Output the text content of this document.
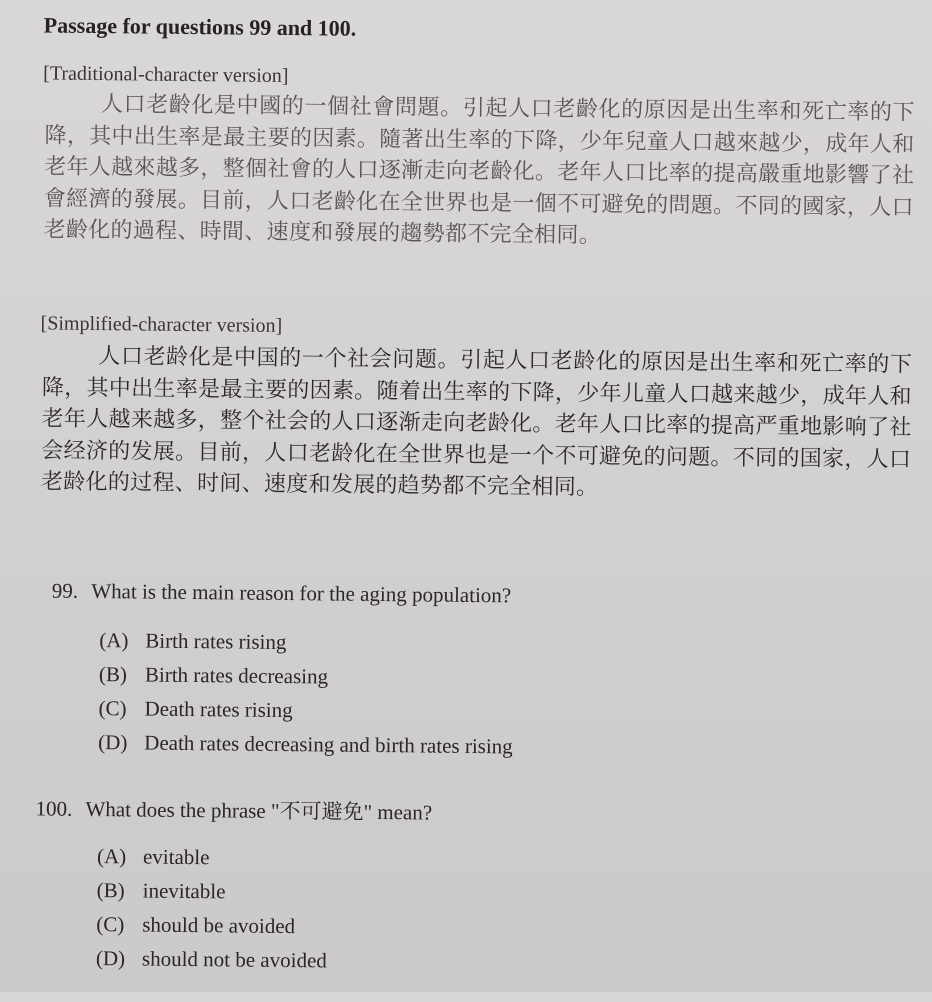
Passage for questions 99 and 100.
[Traditional-character version]

人口老齡化是中國的一個社會問題。引起人口老齡化的原因是出生率和死亡率的下降，其中出生率是最主要的因素。隨著出生率的下降，少年兒童人口越來越少，成年人和老年人越來越多，整個社會的人口逐漸走向老齡化。老年人口比率的提高嚴重地影響了社會經濟的發展。目前，人口老齡化在全世界也是一個不可避免的問題。不同的國家，人口老齡化的過程、時間、速度和發展的趨勢都不完全相同。

[Simplified-character version]

人口老龄化是中国的一个社会问题。引起人口老龄化的原因是出生率和死亡率的下降，其中出生率是最主要的因素。随着出生率的下降，少年儿童人口越来越少，成年人和老年人越来越多，整个社会的人口逐渐走向老龄化。老年人口比率的提高严重地影响了社会经济的发展。目前，人口老龄化在全世界也是一个不可避免的问题。不同的国家，人口老龄化的过程、时间、速度和发展的趋势都不完全相同。

99. What is the main reason for the aging population?
(A) Birth rates rising
(B) Birth rates decreasing
(C) Death rates rising
(D) Death rates decreasing and birth rates rising
100. What does the phrase "不可避免" mean?
(A) evitable
(B) inevitable
(C) should be avoided
(D) should not be avoided
